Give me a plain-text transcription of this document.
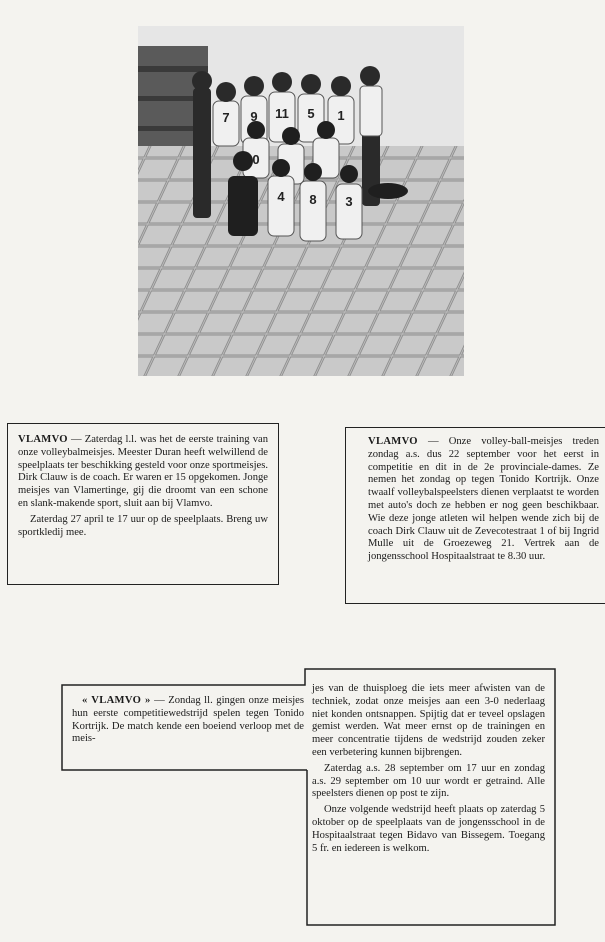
7 9 11 5 1
0
4 8 3

VLAMVO — Zaterdag l.l. was het de eerste training van onze volleybalmeisjes. Meester Duran heeft welwillend de speelplaats ter beschikking gesteld voor onze sportmeisjes. Dirk Clauw is de coach. Er waren er 15 opgekomen. Jonge meisjes van Vlamertinge, gij die droomt van een schone en slank-makende sport, sluit aan bij Vlamvo.

Zaterdag 27 april te 17 uur op de speelplaats. Breng uw sportkledij mee.

VLAMVO — Onze volley-ball-meisjes treden zondag a.s. dus 22 september voor het eerst in competitie en dit in de 2e provinciale-dames. Ze nemen het zondag op tegen Tonido Kortrijk. Onze twaalf volleybalspeelsters dienen verplaatst te worden met auto's doch ze hebben er nog geen beschikbaar. Wie deze jonge atleten wil helpen wende zich bij de coach Dirk Clauw uit de Zevecotestraat 1 of bij Ingrid Mulle uit de Groezeweg 21. Vertrek aan de jongensschool Hospitaalstraat te 8.30 uur.

« VLAMVO » — Zondag ll. gingen onze meisjes hun eerste competitiewedstrijd spelen tegen Tonido Kortrijk. De match kende een boeiend verloop met de meis-

jes van de thuisploeg die iets meer afwisten van de techniek, zodat onze meisjes aan een 3-0 nederlaag niet konden ontsnappen. Spijtig dat er teveel opslagen gemist werden. Wat meer ernst op de trainingen en meer concentratie tijdens de wedstrijd zouden zeker een verbetering kunnen bijbrengen.

Zaterdag a.s. 28 september om 17 uur en zondag a.s. 29 september om 10 uur wordt er getraind. Alle speelsters dienen op post te zijn.

Onze volgende wedstrijd heeft plaats op zaterdag 5 oktober op de speelplaats van de jongensschool in de Hospitaalstraat tegen Bidavo van Bissegem. Toegang 5 fr. en iedereen is welkom.
